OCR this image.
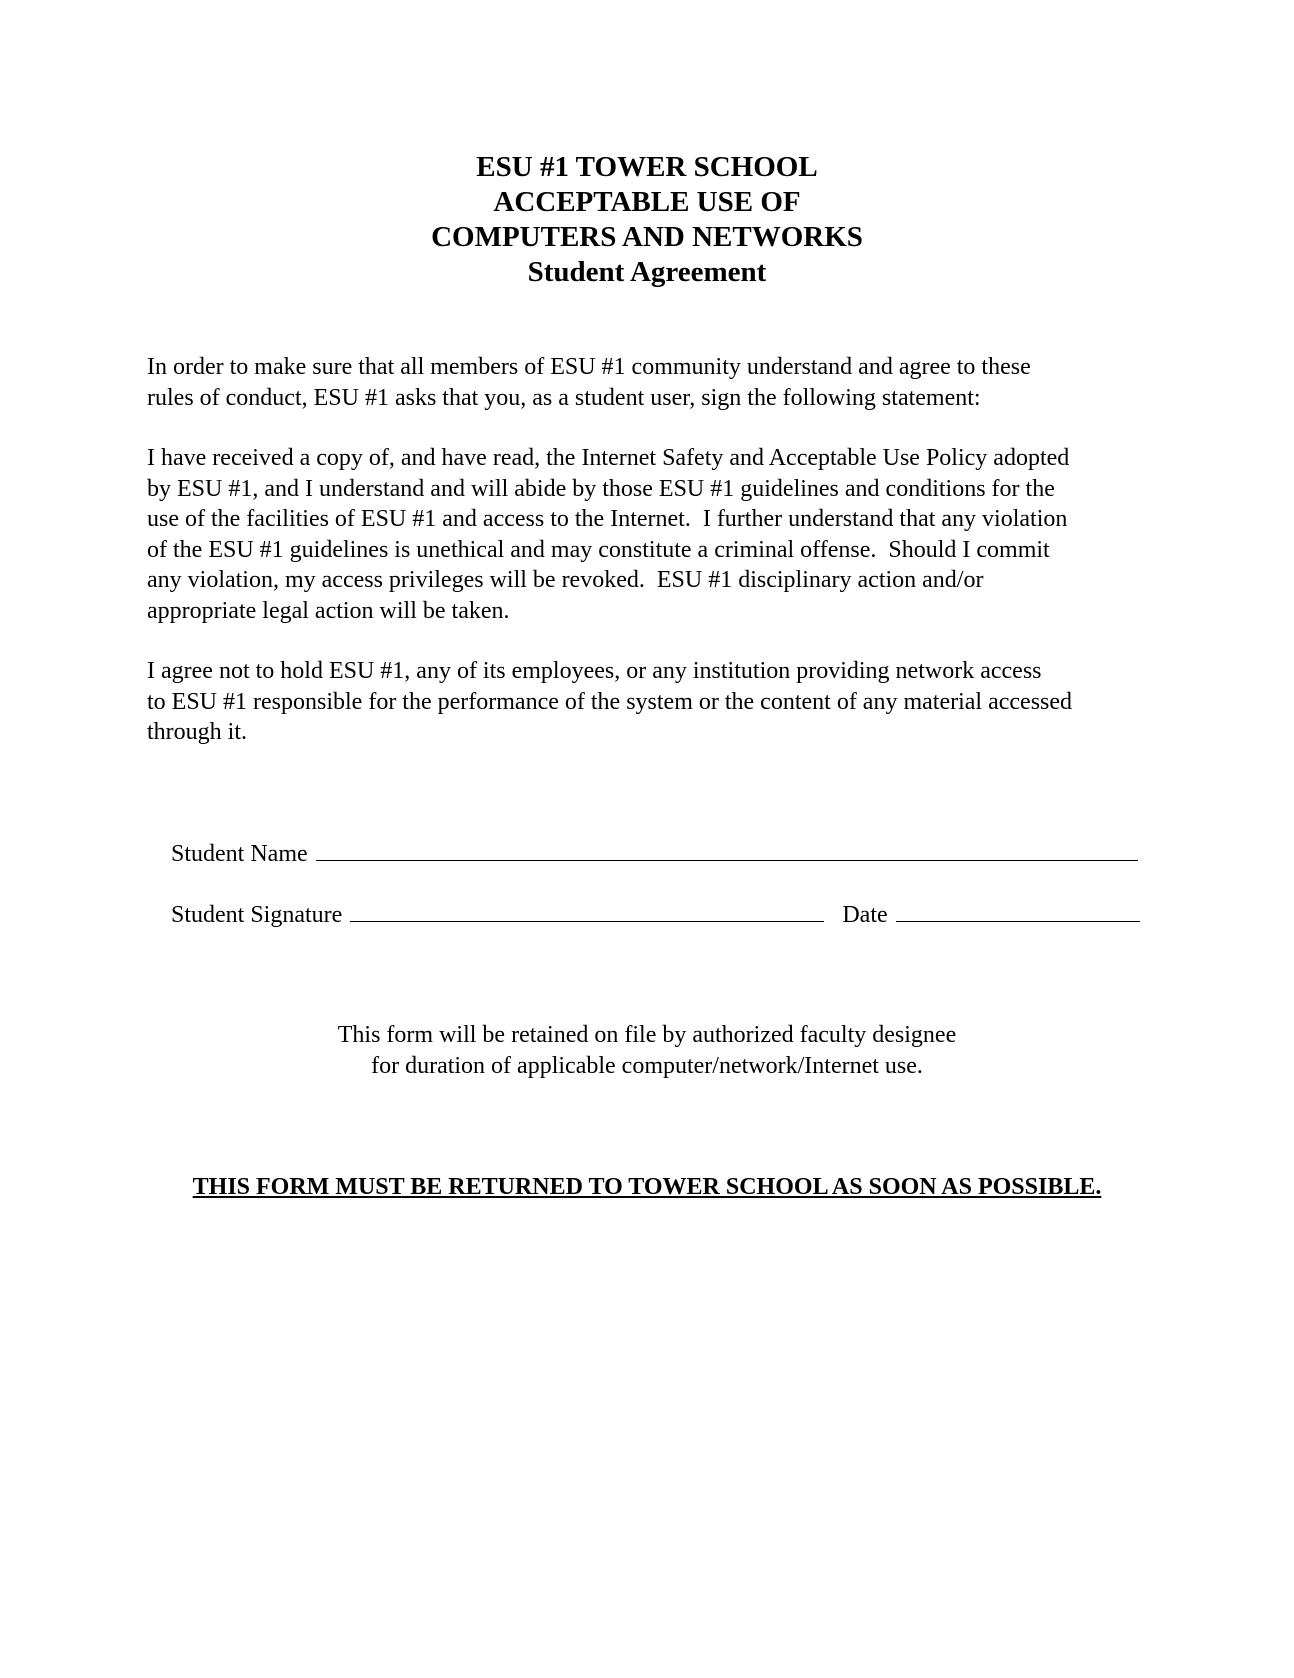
ESU #1 TOWER SCHOOL
ACCEPTABLE USE OF
COMPUTERS AND NETWORKS
Student Agreement

In order to make sure that all members of ESU #1 community understand and agree to these
rules of conduct, ESU #1 asks that you, as a student user, sign the following statement:

I have received a copy of, and have read, the Internet Safety and Acceptable Use Policy adopted
by ESU #1, and I understand and will abide by those ESU #1 guidelines and conditions for the
use of the facilities of ESU #1 and access to the Internet.  I further understand that any violation
of the ESU #1 guidelines is unethical and may constitute a criminal offense.  Should I commit
any violation, my access privileges will be revoked.  ESU #1 disciplinary action and/or
appropriate legal action will be taken.

I agree not to hold ESU #1, any of its employees, or any institution providing network access
to ESU #1 responsible for the performance of the system or the content of any material accessed
through it.

Student Name

Student Signature	Date

This form will be retained on file by authorized faculty designee
for duration of applicable computer/network/Internet use.
THIS FORM MUST BE RETURNED TO TOWER SCHOOL AS SOON AS POSSIBLE.
